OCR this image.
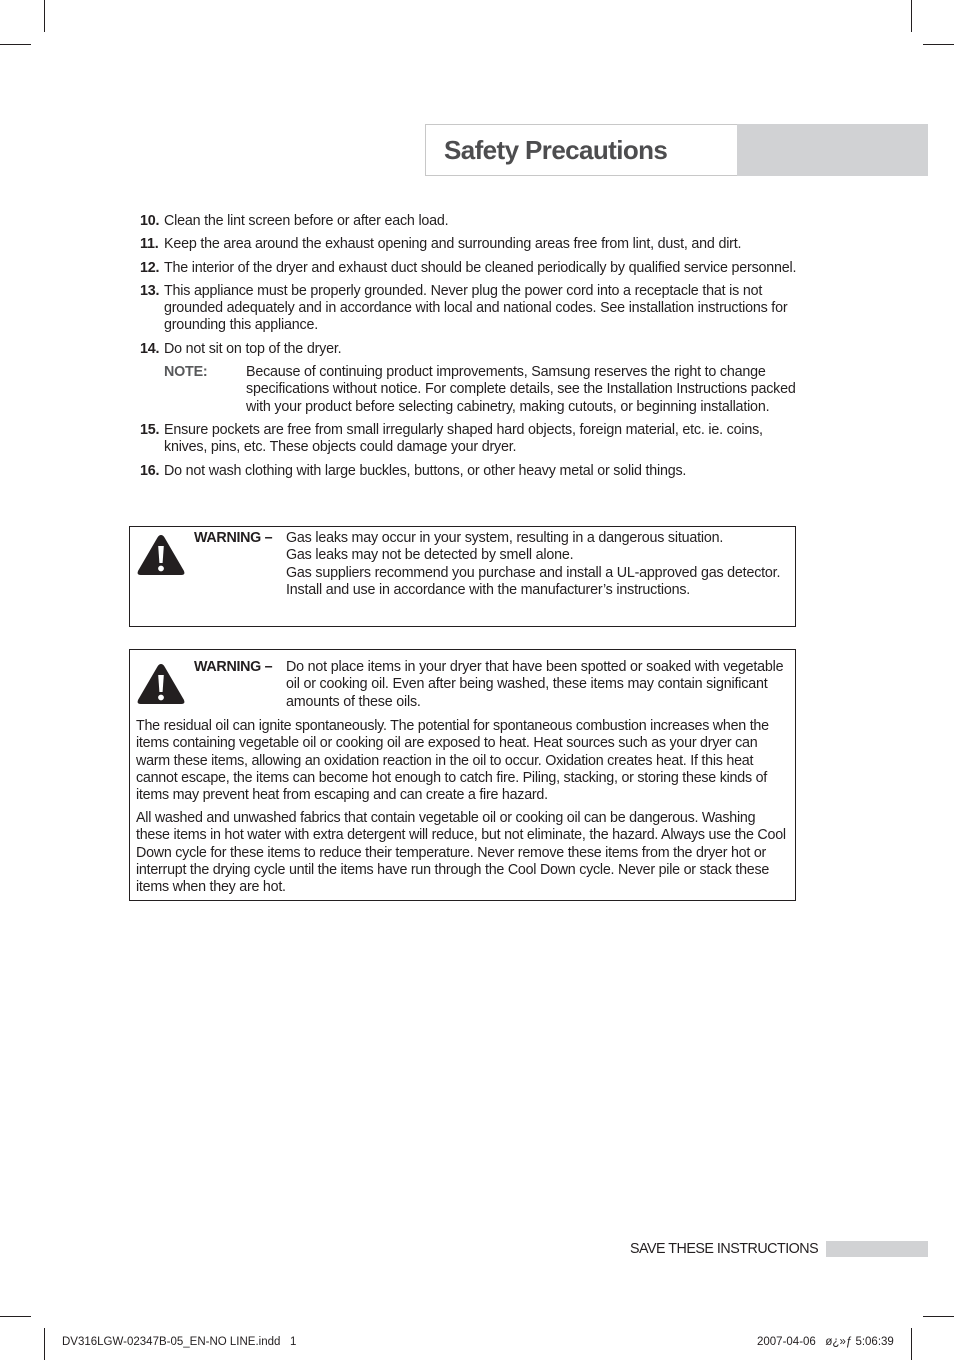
Safety Precautions
10. Clean the lint screen before or after each load.
11. Keep the area around the exhaust opening and surrounding areas free from lint, dust, and dirt.
12. The interior of the dryer and exhaust duct should be cleaned periodically by qualified service personnel.
13. This appliance must be properly grounded. Never plug the power cord into a receptacle that is not grounded adequately and in accordance with local and national codes. See installation instructions for grounding this appliance.
14. Do not sit on top of the dryer.
NOTE:	Because of continuing product improvements, Samsung reserves the right to change specifications without notice. For complete details, see the Installation Instructions packed with your product before selecting cabinetry, making cutouts, or beginning installation.
15. Ensure pockets are free from small irregularly shaped hard objects, foreign material, etc. ie. coins, knives, pins, etc. These objects could damage your dryer.
16. Do not wash clothing with large buckles, buttons, or other heavy metal or solid things.
WARNING – Gas leaks may occur in your system, resulting in a dangerous situation.
Gas leaks may not be detected by smell alone.
Gas suppliers recommend you purchase and install a UL-approved gas detector.
Install and use in accordance with the manufacturer’s instructions.
WARNING – Do not place items in your dryer that have been spotted or soaked with vegetable oil or cooking oil. Even after being washed, these items may contain significant amounts of these oils.
The residual oil can ignite spontaneously. The potential for spontaneous combustion increases when the items containing vegetable oil or cooking oil are exposed to heat. Heat sources such as your dryer can warm these items, allowing an oxidation reaction in the oil to occur. Oxidation creates heat. If this heat cannot escape, the items can become hot enough to catch fire. Piling, stacking, or storing these kinds of items may prevent heat from escaping and can create a fire hazard.
All washed and unwashed fabrics that contain vegetable oil or cooking oil can be dangerous. Washing these items in hot water with extra detergent will reduce, but not eliminate, the hazard. Always use the Cool Down cycle for these items to reduce their temperature. Never remove these items from the dryer hot or interrupt the drying cycle until the items have run through the Cool Down cycle. Never pile or stack these items when they are hot.
SAVE THESE INSTRUCTIONS
DV316LGW-02347B-05_EN-NO LINE.indd   1	2007-04-06   ø¿»ƒ 5:06:39
